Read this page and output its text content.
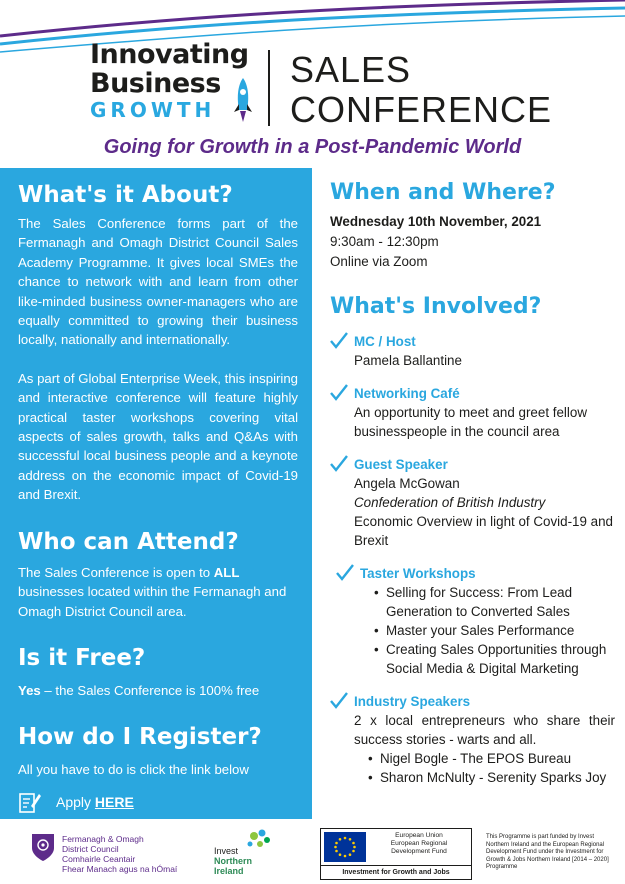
Innovating
Business
GROWTH
SALES
CONFERENCE
Going for Growth in a Post-Pandemic World
What's it About?

The Sales Conference forms part of the Fermanagh and Omagh District Council Sales Academy Programme. It gives local SMEs the chance to network with and learn from other like-minded business owner-managers who are equally committed to growing their business locally, nationally and internationally.

As part of Global Enterprise Week, this inspiring and interactive conference will feature highly practical taster workshops covering vital aspects of sales growth, talks and Q&As with successful local business people and a keynote address on the economic impact of Covid-19 and Brexit.

Who can Attend?

The Sales Conference is open to ALL businesses located within the Fermanagh and Omagh District Council area.

Is it Free?

Yes – the Sales Conference is 100% free

How do I Register?

All you have to do is click the link below

Apply HERE
When and Where?
Wednesday 10th November, 2021
9:30am - 12:30pm
Online via Zoom
What's Involved?
MC / Host
Pamela Ballantine
Networking Café
An opportunity to meet and greet fellow businesspeople in the council area
Guest Speaker
Angela McGowan
Confederation of British Industry
Economic Overview in light of Covid-19 and Brexit
Taster Workshops
• Selling for Success: From Lead Generation to Converted Sales
• Master your Sales Performance
• Creating Sales Opportunities through Social Media & Digital Marketing
Industry Speakers
2 x local entrepreneurs who share their success stories - warts and all.
• Nigel Bogle - The EPOS Bureau
• Sharon McNulty - Serenity Sparks Joy
Fermanagh & Omagh
District Council
Comhairle Ceantair
Fhear Manach agus na hÓmaí
Invest
Northern
Ireland
European Union
European Regional
Development Fund
Investment for Growth and Jobs
This Programme is part funded by Invest Northern Ireland and the European Regional Development Fund under the Investment for Growth & Jobs Northern Ireland [2014 – 2020] Programme
